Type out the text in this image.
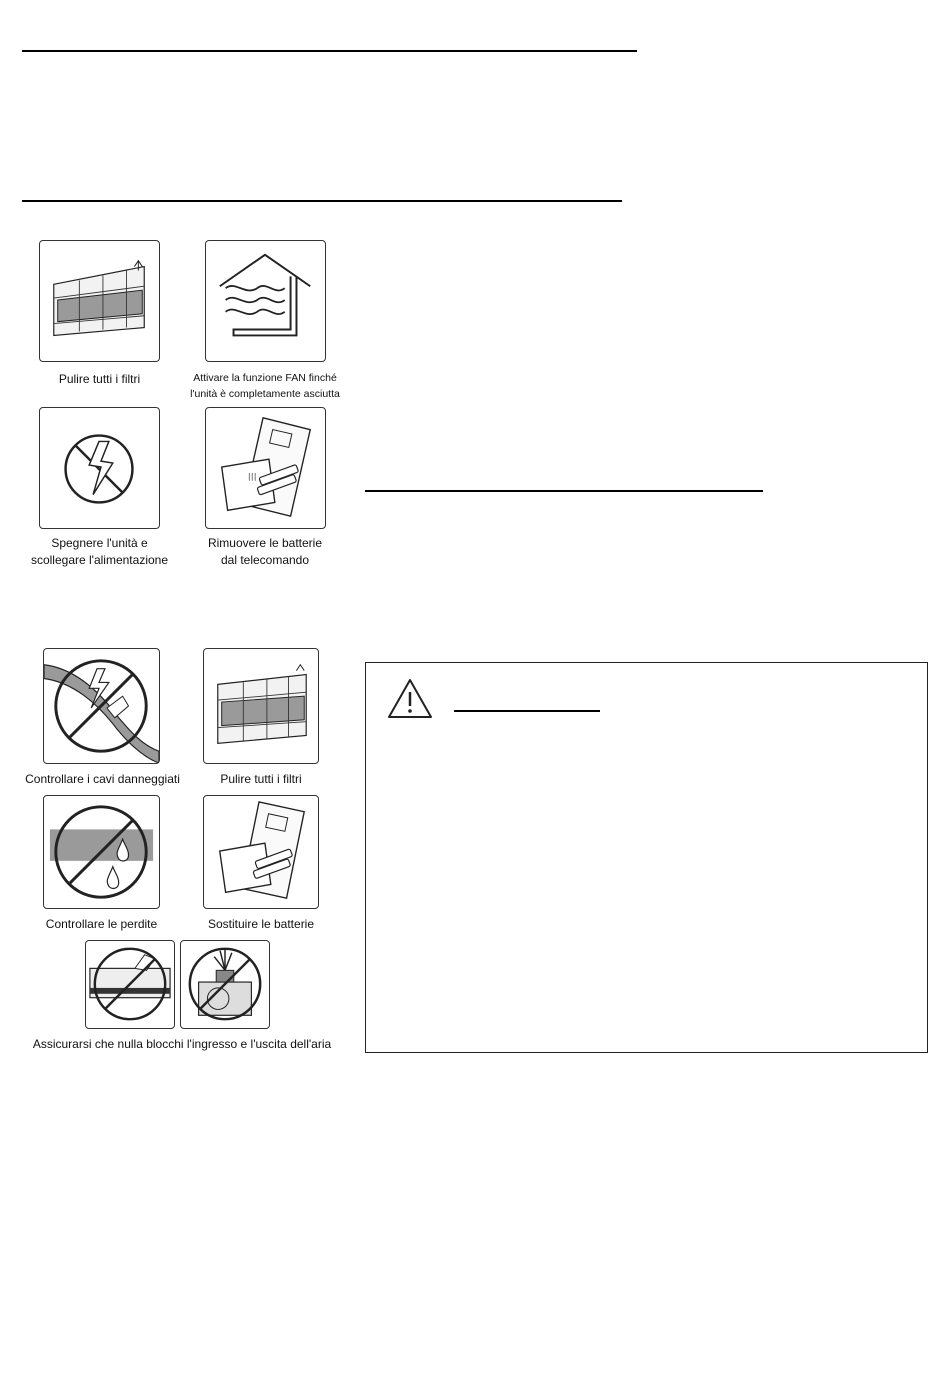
Pulire tutti i filtri	Attivare la funzione FAN finché
l'unità è completamente asciutta
Spegnere l'unità e
scollegare l'alimentazione
Rimuovere le batterie
dal telecomando
Controllare i cavi danneggiati	Pulire tutti i filtri
Controllare le perdite	Sostituire le batterie
Assicurarsi che nulla blocchi l'ingresso e l'uscita dell'aria
